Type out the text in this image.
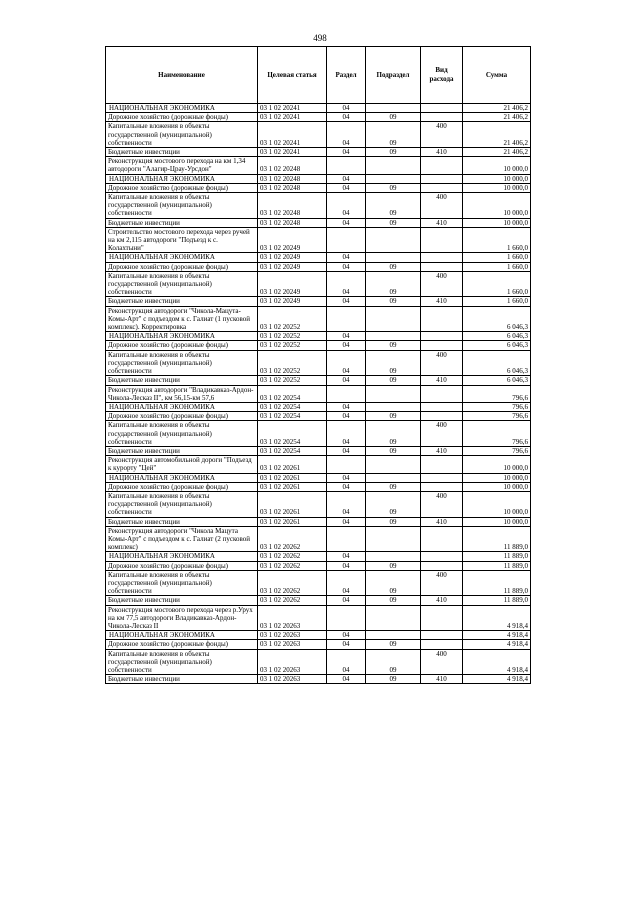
498
Наименование	Целевая статья	Раздел	Подраздел	Вид расхода	Сумма
НАЦИОНАЛЬНАЯ ЭКОНОМИКА	03 1 02 20241	04			21 406,2
Дорожное хозяйство (дорожные фонды)	03 1 02 20241	04	09		21 406,2
Капитальные вложения в объекты государственной (муниципальной) собственности	03 1 02 20241	04	09	400	21 406,2
Бюджетные инвестиции	03 1 02 20241	04	09	410	21 406,2
Реконструкция мостового перехода на км 1,34 автодороги "Алагир-Црау-Урсдон"	03 1 02 20248				10 000,0
НАЦИОНАЛЬНАЯ ЭКОНОМИКА	03 1 02 20248	04			10 000,0
Дорожное хозяйство (дорожные фонды)	03 1 02 20248	04	09		10 000,0
Капитальные вложения в объекты государственной (муниципальной) собственности	03 1 02 20248	04	09	400	10 000,0
Бюджетные инвестиции	03 1 02 20248	04	09	410	10 000,0
Строительство мостового перехода через ручей на км 2,115 автодороги "Подъезд к с. Колахтыни"	03 1 02 20249				1 660,0
НАЦИОНАЛЬНАЯ ЭКОНОМИКА	03 1 02 20249	04			1 660,0
Дорожное хозяйство (дорожные фонды)	03 1 02 20249	04	09		1 660,0
Капитальные вложения в объекты государственной (муниципальной) собственности	03 1 02 20249	04	09	400	1 660,0
Бюджетные инвестиции	03 1 02 20249	04	09	410	1 660,0
Реконструкция автодороги "Чикола-Мацута-Комы-Арт" с подъездом к с. Галиат (1 пусковой комплекс). Корректировка	03 1 02 20252				6 046,3
НАЦИОНАЛЬНАЯ ЭКОНОМИКА	03 1 02 20252	04			6 046,3
Дорожное хозяйство (дорожные фонды)	03 1 02 20252	04	09		6 046,3
Капитальные вложения в объекты государственной (муниципальной) собственности	03 1 02 20252	04	09	400	6 046,3
Бюджетные инвестиции	03 1 02 20252	04	09	410	6 046,3
Реконструкция автодороги "Владикавказ-Ардон-Чикола-Лесказ II", км 56,15-км 57,6	03 1 02 20254				796,6
НАЦИОНАЛЬНАЯ ЭКОНОМИКА	03 1 02 20254	04			796,6
Дорожное хозяйство (дорожные фонды)	03 1 02 20254	04	09		796,6
Капитальные вложения в объекты государственной (муниципальной) собственности	03 1 02 20254	04	09	400	796,6
Бюджетные инвестиции	03 1 02 20254	04	09	410	796,6
Реконструкция автомобильной дороги "Подъезд к курорту "Цей"	03 1 02 20261				10 000,0
НАЦИОНАЛЬНАЯ ЭКОНОМИКА	03 1 02 20261	04			10 000,0
Дорожное хозяйство (дорожные фонды)	03 1 02 20261	04	09		10 000,0
Капитальные вложения в объекты государственной (муниципальной) собственности	03 1 02 20261	04	09	400	10 000,0
Бюджетные инвестиции	03 1 02 20261	04	09	410	10 000,0
Реконструкция автодороги "Чикола Мацута Комы-Арт" с подъездом к с. Галиат (2 пусковой комплекс)	03 1 02 20262				11 889,0
НАЦИОНАЛЬНАЯ ЭКОНОМИКА	03 1 02 20262	04			11 889,0
Дорожное хозяйство (дорожные фонды)	03 1 02 20262	04	09		11 889,0
Капитальные вложения в объекты государственной (муниципальной) собственности	03 1 02 20262	04	09	400	11 889,0
Бюджетные инвестиции	03 1 02 20262	04	09	410	11 889,0
Реконструкция мостового перехода через р.Урух на км 77,5 автодороги Владикавказ-Ардон-Чикола-Лесказ II	03 1 02 20263				4 918,4
НАЦИОНАЛЬНАЯ ЭКОНОМИКА	03 1 02 20263	04			4 918,4
Дорожное хозяйство (дорожные фонды)	03 1 02 20263	04	09		4 918,4
Капитальные вложения в объекты государственной (муниципальной) собственности	03 1 02 20263	04	09	400	4 918,4
Бюджетные инвестиции	03 1 02 20263	04	09	410	4 918,4
